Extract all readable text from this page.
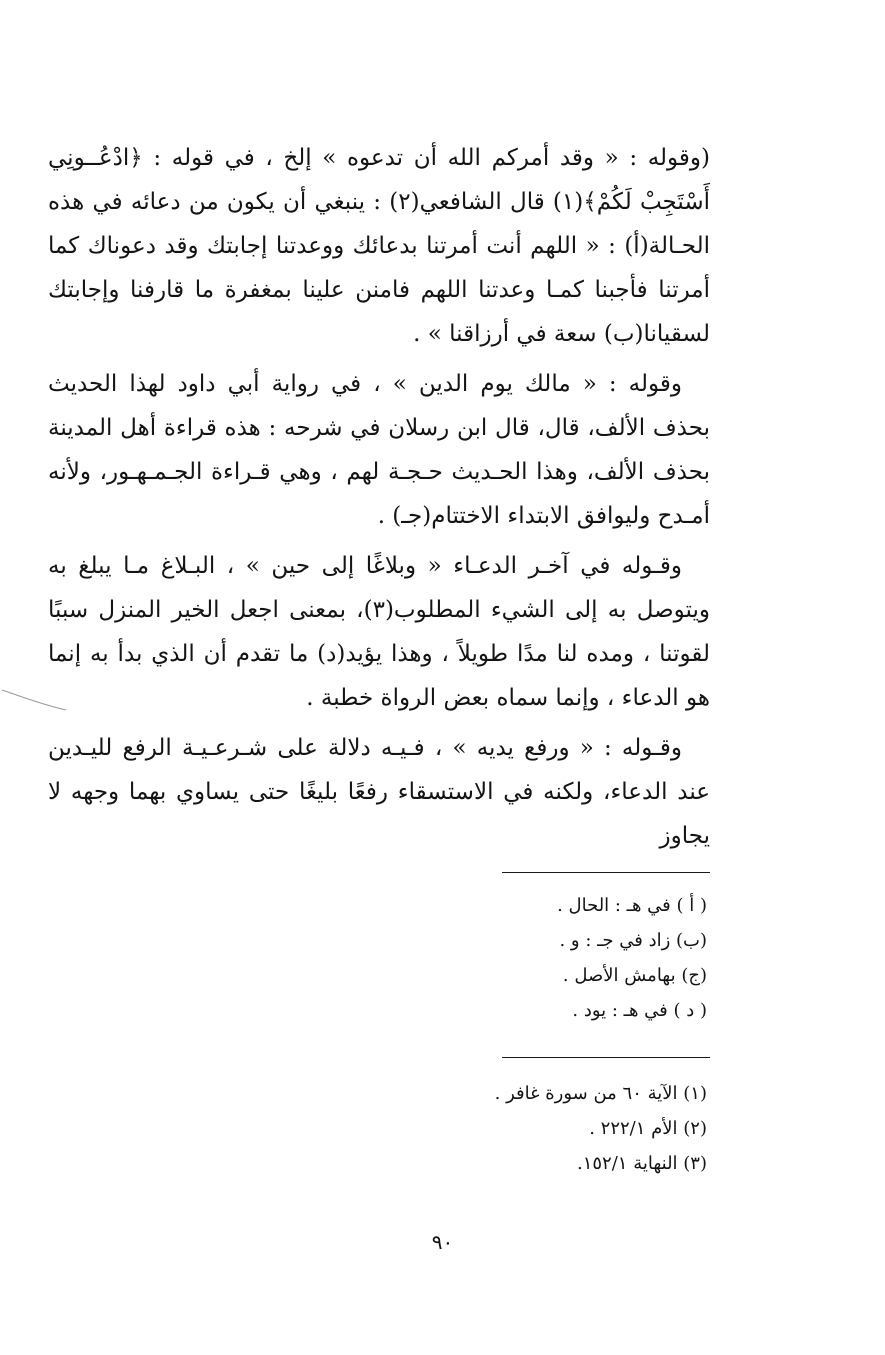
(وقوله : « وقد أمركم الله أن تدعوه » إلخ ، في قوله : ﴿ادْعُــونِي أَسْتَجِبْ لَكُمْ﴾(١) قال الشافعي(٢) : ينبغي أن يكون من دعائه في هذه الحـالة(أ) : « اللهم أنت أمرتنا بدعائك ووعدتنا إجابتك وقد دعوناك كما أمرتنا فأجبنا كمـا وعدتنا اللهم فامنن علينا بمغفرة ما قارفنا وإجابتك لسقيانا(ب) سعة في أرزاقنا » .

وقوله : « مالك يوم الدين » ، في رواية أبي داود لهذا الحديث بحذف الألف، قال، قال ابن رسلان في شرحه : هذه قراءة أهل المدينة بحذف الألف، وهذا الحـديث حـجـة لهم ، وهي قـراءة الجـمـهـور، ولأنه أمـدح وليوافق الابتداء الاختتام(جـ) .

وقـوله في آخـر الدعـاء « وبلاغًا إلى حين » ، البـلاغ مـا يبلغ به ويتوصل به إلى الشيء المطلوب(٣)، بمعنى اجعل الخير المنزل سببًا لقوتنا ، ومده لنا مدًا طويلاً ، وهذا يؤيد(د) ما تقدم أن الذي بدأ به إنما هو الدعاء ، وإنما سماه بعض الرواة خطبة .

وقـوله : « ورفع يديه » ، فـيـه دلالة على شـرعـيـة الرفع لليـدين عند الدعاء، ولكنه في الاستسقاء رفعًا بليغًا حتى يساوي بهما وجهه لا يجاوز

( أ ) في هـ : الحال .

(ب) زاد في جـ : و .

(ج) بهامش الأصل .

( د ) في هـ : يود .

(١) الآية ٦٠ من سورة غافر .

(٢) الأم ٢٢٢/١ .

(٣) النهاية ١٥٢/١.

٩٠
